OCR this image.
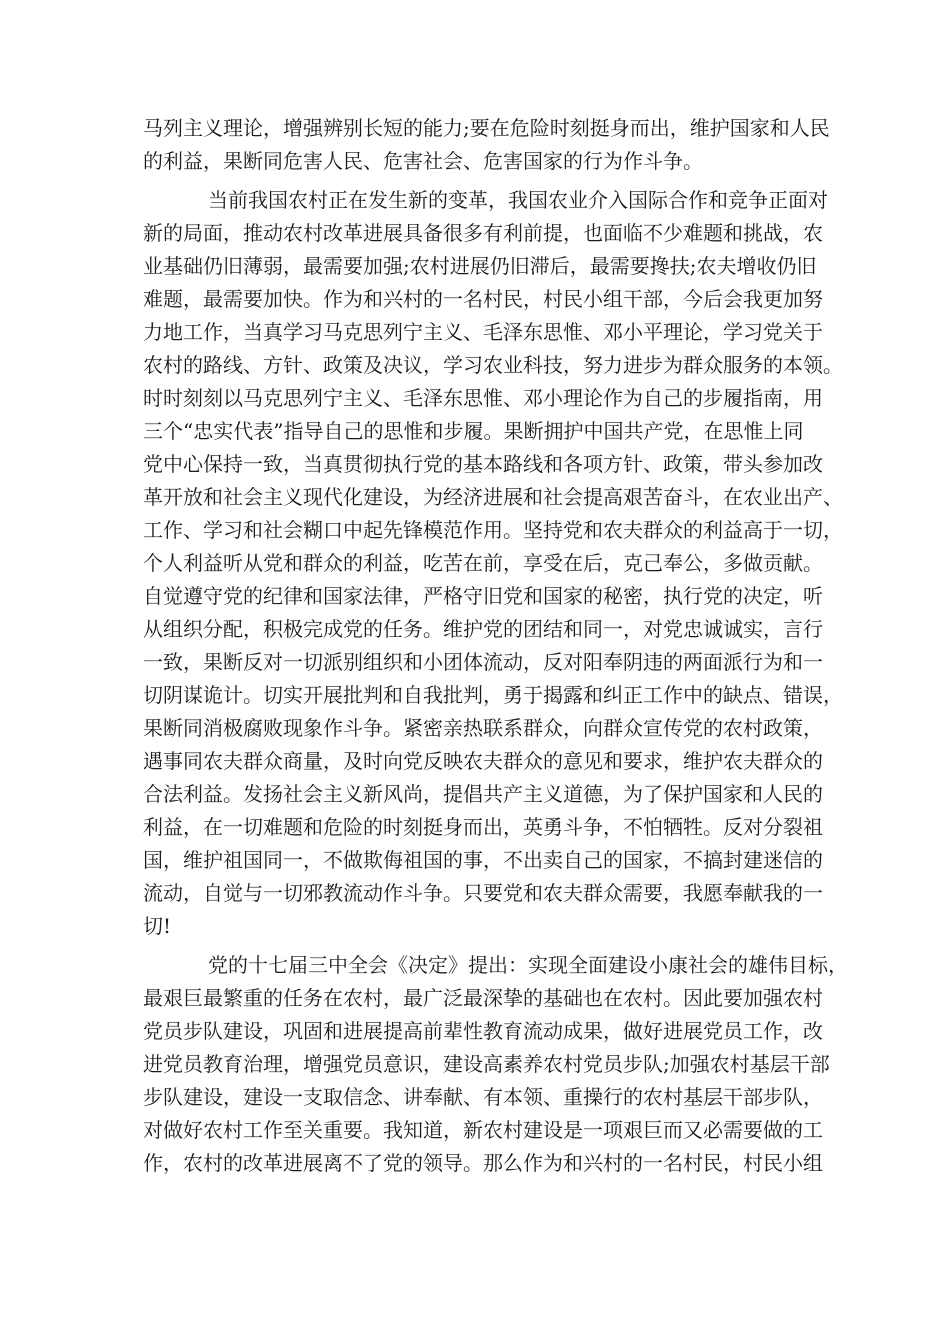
马列主义理论，增强辨别长短的能力;要在危险时刻挺身而出，维护国家和人民
的利益，果断同危害人民、危害社会、危害国家的行为作斗争。
当前我国农村正在发生新的变革，我国农业介入国际合作和竞争正面对
新的局面，推动农村改革进展具备很多有利前提，也面临不少难题和挑战，农
业基础仍旧薄弱，最需要加强;农村进展仍旧滞后，最需要搀扶;农夫增收仍旧
难题，最需要加快。作为和兴村的一名村民，村民小组干部，今后会我更加努
力地工作，当真学习马克思列宁主义、毛泽东思惟、邓小平理论，学习党关于
农村的路线、方针、政策及决议，学习农业科技，努力进步为群众服务的本领。
时时刻刻以马克思列宁主义、毛泽东思惟、邓小理论作为自己的步履指南，用
三个“忠实代表”指导自己的思惟和步履。果断拥护中国共产党，在思惟上同
党中心保持一致，当真贯彻执行党的基本路线和各项方针、政策，带头参加改
革开放和社会主义现代化建设，为经济进展和社会提高艰苦奋斗，在农业出产、
工作、学习和社会糊口中起先锋模范作用。坚持党和农夫群众的利益高于一切，
个人利益听从党和群众的利益，吃苦在前，享受在后，克己奉公，多做贡献。
自觉遵守党的纪律和国家法律，严格守旧党和国家的秘密，执行党的决定，听
从组织分配，积极完成党的任务。维护党的团结和同一，对党忠诚诚实，言行
一致，果断反对一切派别组织和小团体流动，反对阳奉阴违的两面派行为和一
切阴谋诡计。切实开展批判和自我批判，勇于揭露和纠正工作中的缺点、错误，
果断同消极腐败现象作斗争。紧密亲热联系群众，向群众宣传党的农村政策，
遇事同农夫群众商量，及时向党反映农夫群众的意见和要求，维护农夫群众的
合法利益。发扬社会主义新风尚，提倡共产主义道德，为了保护国家和人民的
利益，在一切难题和危险的时刻挺身而出，英勇斗争，不怕牺牲。反对分裂祖
国，维护祖国同一，不做欺侮祖国的事，不出卖自己的国家，不搞封建迷信的
流动，自觉与一切邪教流动作斗争。只要党和农夫群众需要，我愿奉献我的一
切!
党的十七届三中全会《决定》提出：实现全面建设小康社会的雄伟目标，
最艰巨最繁重的任务在农村，最广泛最深挚的基础也在农村。因此要加强农村
党员步队建设，巩固和进展提高前辈性教育流动成果，做好进展党员工作，改
进党员教育治理，增强党员意识，建设高素养农村党员步队;加强农村基层干部
步队建设，建设一支取信念、讲奉献、有本领、重操行的农村基层干部步队，
对做好农村工作至关重要。我知道，新农村建设是一项艰巨而又必需要做的工
作，农村的改革进展离不了党的领导。那么作为和兴村的一名村民，村民小组
